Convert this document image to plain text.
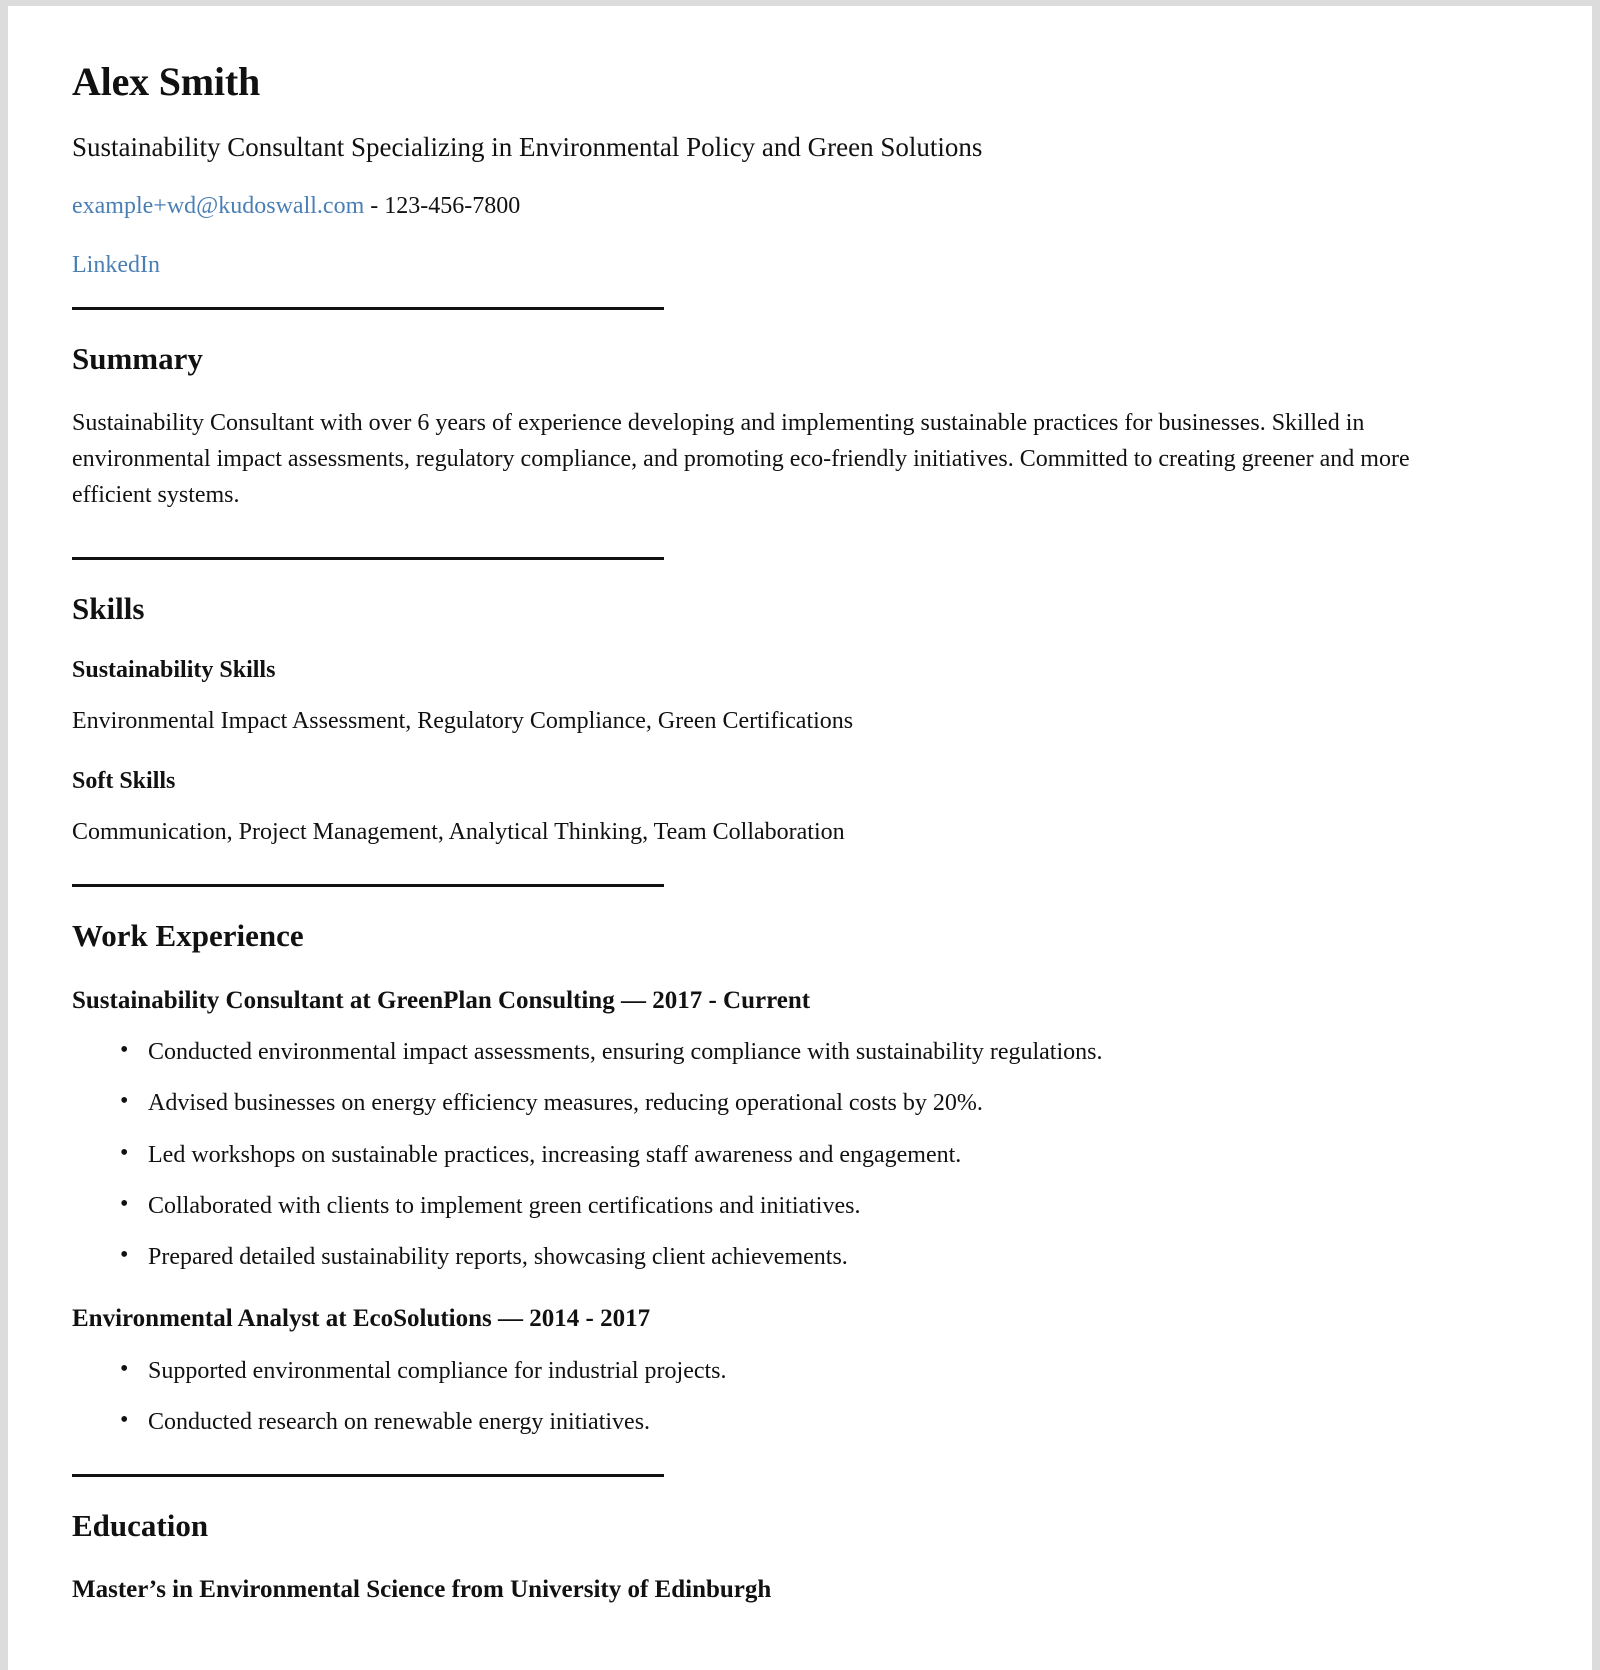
Alex Smith
Sustainability Consultant Specializing in Environmental Policy and Green Solutions
example+wd@kudoswall.com - 123-456-7800
LinkedIn
Summary

Sustainability Consultant with over 6 years of experience developing and implementing sustainable practices for businesses. Skilled in environmental impact assessments, regulatory compliance, and promoting eco-friendly initiatives. Committed to creating greener and more efficient systems.

Skills
Sustainability Skills

Environmental Impact Assessment, Regulatory Compliance, Green Certifications

Soft Skills

Communication, Project Management, Analytical Thinking, Team Collaboration

Work Experience
Sustainability Consultant at GreenPlan Consulting — 2017 - Current
• Conducted environmental impact assessments, ensuring compliance with sustainability regulations.
• Advised businesses on energy efficiency measures, reducing operational costs by 20%.
• Led workshops on sustainable practices, increasing staff awareness and engagement.
• Collaborated with clients to implement green certifications and initiatives.
• Prepared detailed sustainability reports, showcasing client achievements.
Environmental Analyst at EcoSolutions — 2014 - 2017
• Supported environmental compliance for industrial projects.
• Conducted research on renewable energy initiatives.
Education
Master’s in Environmental Science from University of Edinburgh
